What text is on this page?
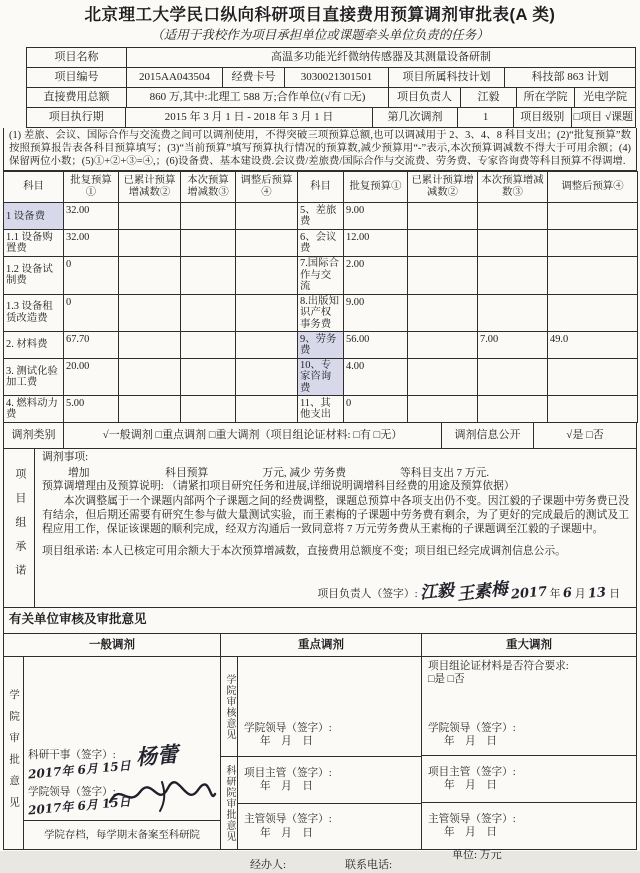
北京理工大学民口纵向科研项目直接费用预算调剂审批表(A 类)
（适用于我校作为项目承担单位或课题牵头单位负责的任务）
项目名称	高温多功能光纤微纳传感器及其测量设备研制
项目编号	2015AA043504	经费卡号	3030021301501	项目所属科技计划	科技部 863 计划
直接费用总额	860 万,其中:北理工 588 万;合作单位(√有 □无)	项目负责人	江毅	所在学院	光电学院
项目执行期	2015 年 3 月 1 日 - 2018 年 3 月 1 日	第几次调剂	1	项目级别 □项目 √课题
(1) 差旅、会议、国际合作与交流费之间可以调剂使用，不得突破三项预算总额,也可以调减用于 2、3、4、8 科目支出；(2)“批复预算”数按照预算报告表各科目预算填写；(3)“当前预算”填写预算执行情况的预算数,减少预算用“-”表示,本次预算调减数不得大于可用余额；(4)保留两位小数；(5)①+②+③=④,；(6)设备费、基本建设费.会议费/差旅费/国际合作与交流费、劳务费、专家咨询费等科目预算不得调增.
科目	批复预算①	已累计预算增减数②	本次预算增减数③	调整后预算④	科目	批复预算①	已累计预算增减数②	本次预算增减数③	调整后预算④
1 设备费	32.00				5、差旅费	9.00			
1.1 设备购置费	32.00				6、会议费	12.00			
1.2 设备试制费	0				7.国际合作与交流	2.00			
1.3 设备租赁改造费	0				8.出版知识产权事务费	9.00			
2. 材料费	67.70				9、劳务费	56.00		7.00	49.0
3. 测试化验加工费	20.00				10、专家咨询费	4.00			
4. 燃料动力费	5.00				11、其他支出	0			
调剂类别	√一般调剂 □重点调剂 □重大调剂（项目组论证材料: □有 □无）	调剂信息公开	√是 □否
项目组承诺
调剂事项:
增加　　　　　　　科目预算　　　　　万元, 减少 劳务费　　　　　等科目支出 7 万元.
预算调增理由及预算说明: （请紧扣项目研究任务和进展,详细说明调增科目经费的用途及预算依据）
本次调整属于一个课题内部两个子课题之间的经费调整，课题总预算中各项支出仍不变。因江毅的子课题中劳务费已没有结余，但后期还需要有研究生参与做大量测试实验，而王素梅的子课题中劳务费有剩余，为了更好的完成最后的测试及工程应用工作，保证该课题的顺利完成，经双方沟通后一致同意将 7 万元劳务费从王素梅的子课题调至江毅的子课题中。
项目组承诺: 本人已核定可用余额大于本次预算增减数，直接费用总额度不变；项目组已经完成调剂信息公示。
项目负责人（签字）: 江毅 王素梅 2017 年 6 月 13 日
有关单位审核及审批意见
一般调剂	重点调剂	重大调剂
学院审批意见 科研干事（签字）: 杨蕾
2017年 6月 15日
学院领导（签字）:
2017年 6月 15日
学院存档，每学期末备案至科研院
学院审核意见 学院领导（签字）:
年　月　日
科研院审批意见 项目主管（签字）:
年　月　日
主管领导（签字）:
年　月　日
项目组论证材料是否符合要求:
□是 □否
学院领导（签字）:
年　月　日
项目主管（签字）:
年　月　日
主管领导（签字）:
年　月　日
单位: 万元
经办人:	联系电话:
